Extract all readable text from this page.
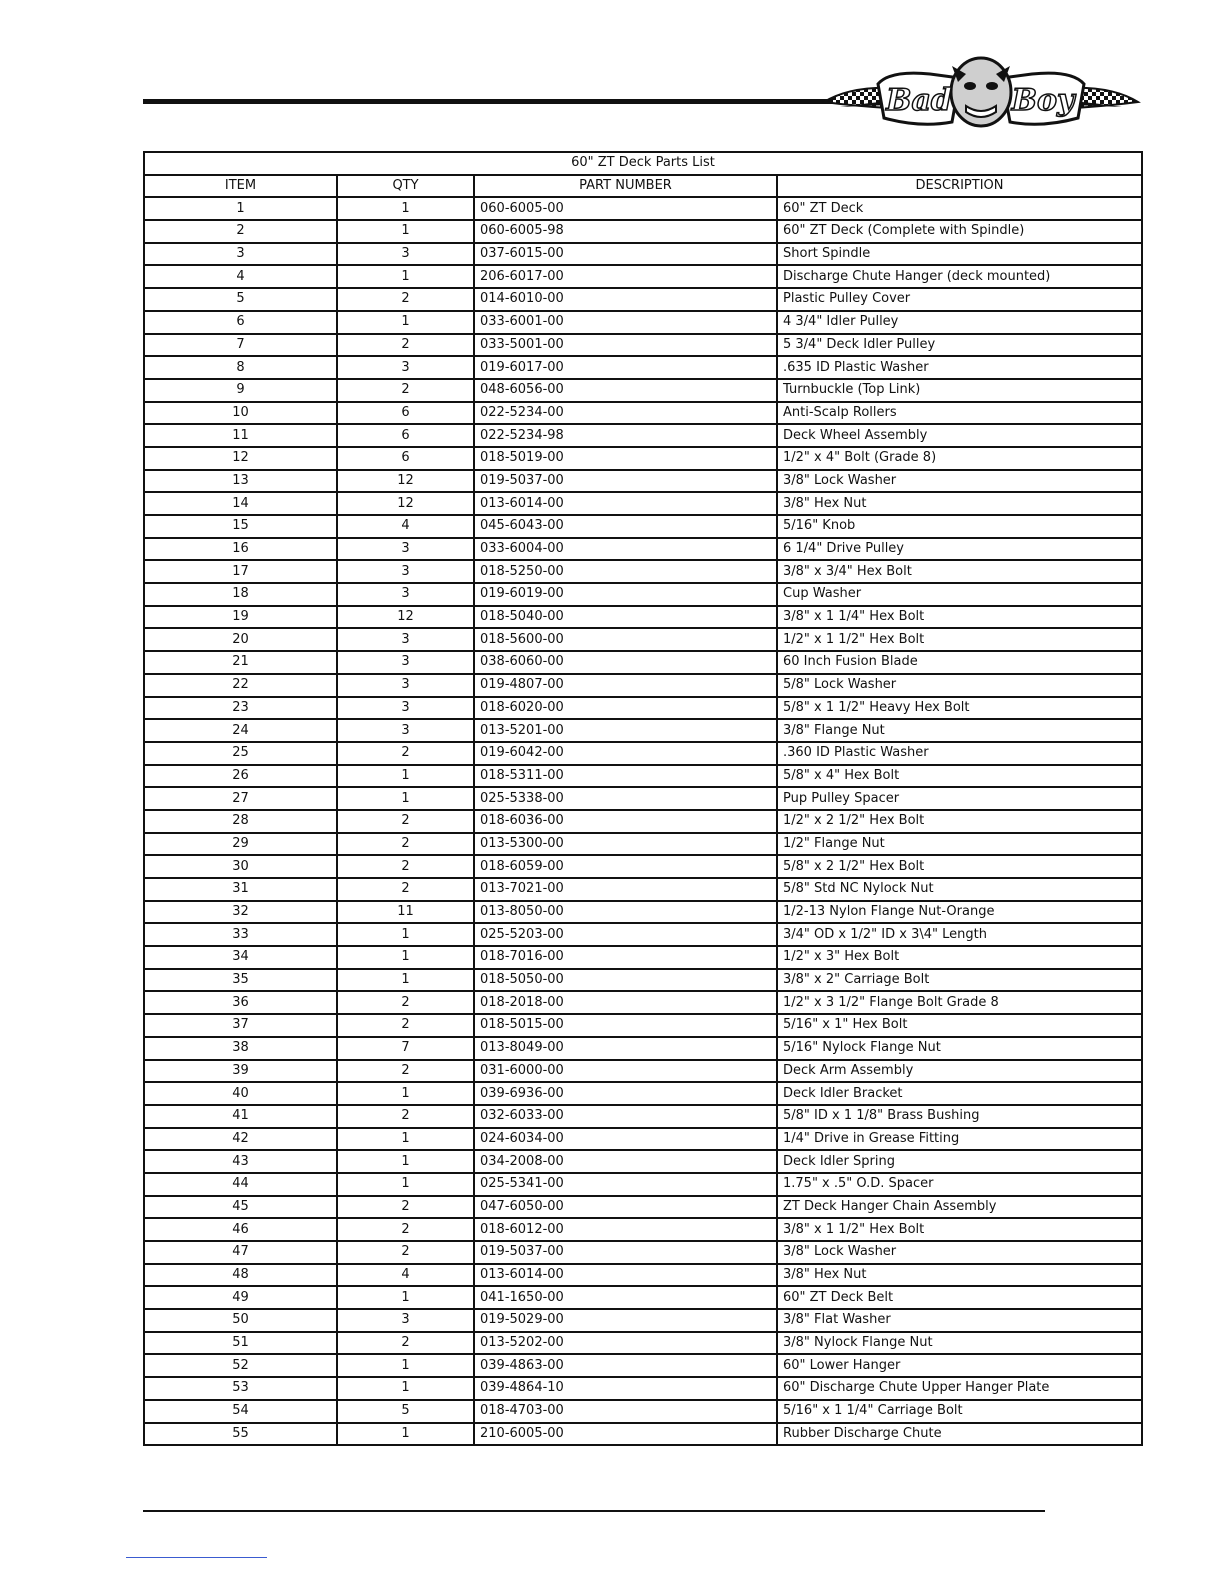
Bad Boy
60" ZT Deck Parts List			
ITEM	QTY	PART NUMBER	DESCRIPTION
1	1	060-6005-00	60" ZT Deck
2	1	060-6005-98	60" ZT Deck (Complete with Spindle)
3	3	037-6015-00	Short Spindle
4	1	206-6017-00	Discharge Chute Hanger (deck mounted)
5	2	014-6010-00	Plastic Pulley Cover
6	1	033-6001-00	4 3/4" Idler Pulley
7	2	033-5001-00	5 3/4" Deck Idler Pulley
8	3	019-6017-00	.635 ID Plastic Washer
9	2	048-6056-00	Turnbuckle (Top Link)
10	6	022-5234-00	Anti-Scalp Rollers
11	6	022-5234-98	Deck Wheel Assembly
12	6	018-5019-00	1/2" x 4" Bolt (Grade 8)
13	12	019-5037-00	3/8" Lock Washer
14	12	013-6014-00	3/8" Hex Nut
15	4	045-6043-00	5/16" Knob
16	3	033-6004-00	6 1/4" Drive Pulley
17	3	018-5250-00	3/8" x 3/4" Hex Bolt
18	3	019-6019-00	Cup Washer
19	12	018-5040-00	3/8" x 1 1/4" Hex Bolt
20	3	018-5600-00	1/2" x 1 1/2" Hex Bolt
21	3	038-6060-00	60 Inch Fusion Blade
22	3	019-4807-00	5/8" Lock Washer
23	3	018-6020-00	5/8" x 1 1/2" Heavy Hex Bolt
24	3	013-5201-00	3/8" Flange Nut
25	2	019-6042-00	.360 ID Plastic Washer
26	1	018-5311-00	5/8" x 4" Hex Bolt
27	1	025-5338-00	Pup Pulley Spacer
28	2	018-6036-00	1/2" x 2 1/2" Hex Bolt
29	2	013-5300-00	1/2" Flange Nut
30	2	018-6059-00	5/8" x 2 1/2" Hex Bolt
31	2	013-7021-00	5/8" Std NC Nylock Nut
32	11	013-8050-00	1/2-13 Nylon Flange Nut-Orange
33	1	025-5203-00	3/4" OD x 1/2" ID x 3\4" Length
34	1	018-7016-00	1/2" x 3" Hex Bolt
35	1	018-5050-00	3/8" x 2" Carriage Bolt
36	2	018-2018-00	1/2" x 3 1/2" Flange Bolt Grade 8
37	2	018-5015-00	5/16" x 1" Hex Bolt
38	7	013-8049-00	5/16" Nylock Flange Nut
39	2	031-6000-00	Deck Arm Assembly
40	1	039-6936-00	Deck Idler Bracket
41	2	032-6033-00	5/8" ID x 1 1/8" Brass Bushing
42	1	024-6034-00	1/4" Drive in Grease Fitting
43	1	034-2008-00	Deck Idler Spring
44	1	025-5341-00	1.75" x .5" O.D. Spacer
45	2	047-6050-00	ZT Deck Hanger Chain Assembly
46	2	018-6012-00	3/8" x 1 1/2" Hex Bolt
47	2	019-5037-00	3/8" Lock Washer
48	4	013-6014-00	3/8" Hex Nut
49	1	041-1650-00	60" ZT Deck Belt
50	3	019-5029-00	3/8" Flat Washer
51	2	013-5202-00	3/8" Nylock Flange Nut
52	1	039-4863-00	60" Lower Hanger
53	1	039-4864-10	60" Discharge Chute Upper Hanger Plate
54	5	018-4703-00	5/16" x 1 1/4" Carriage Bolt
55	1	210-6005-00	Rubber Discharge Chute
